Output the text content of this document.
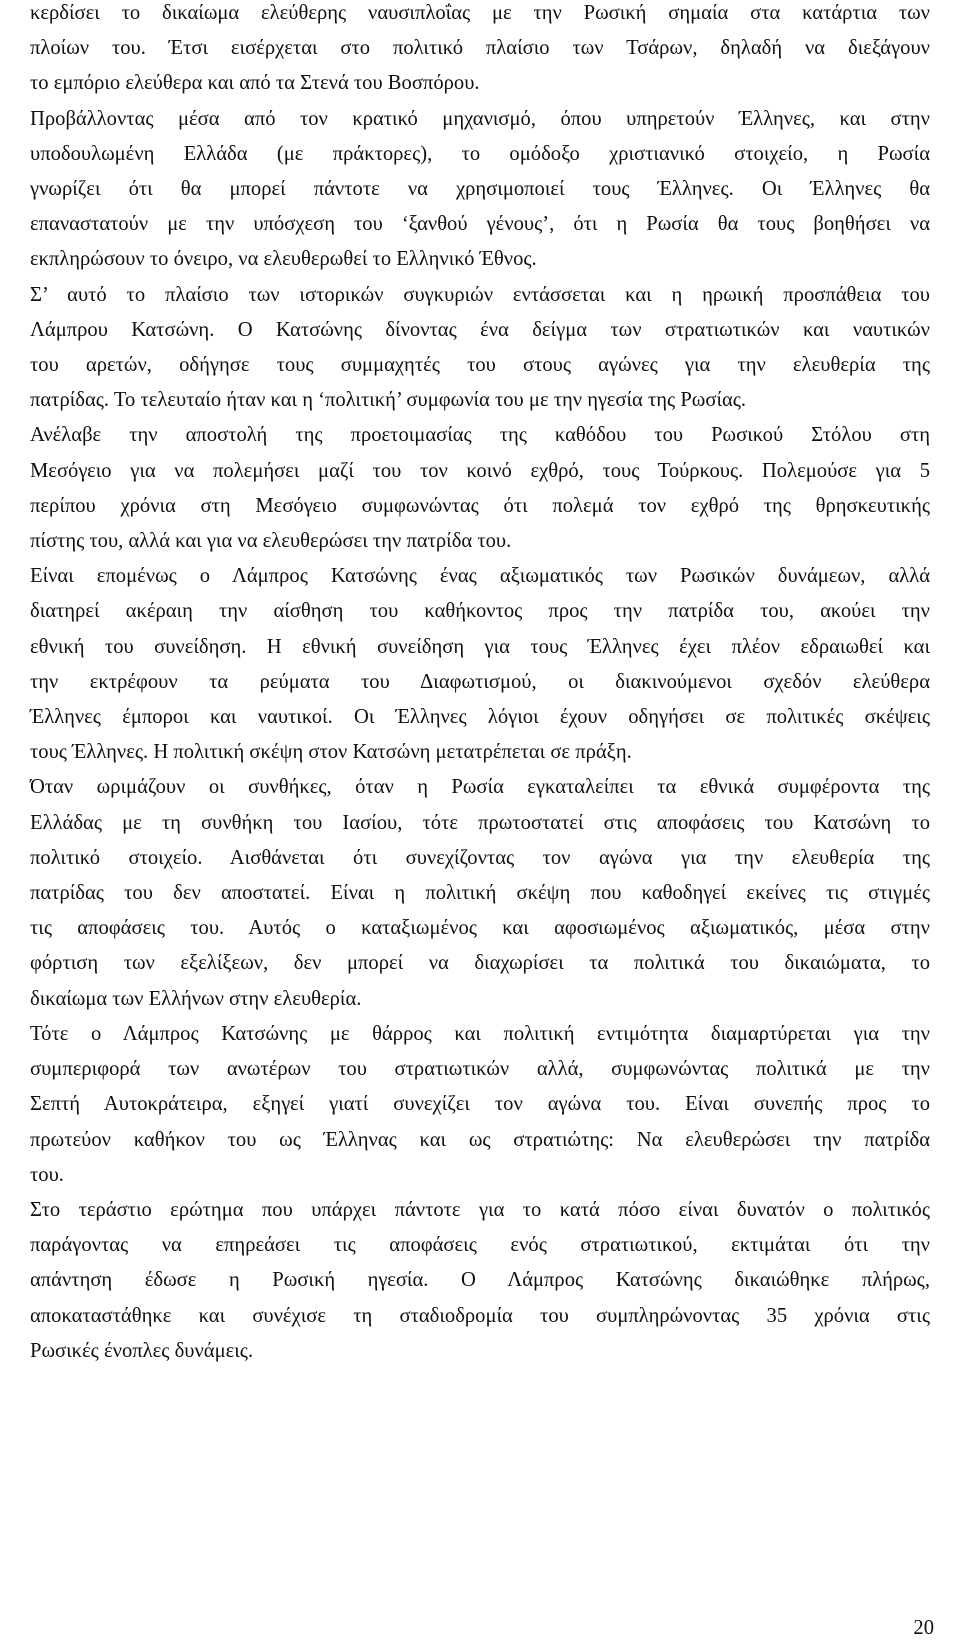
κερδίσει το δικαίωμα ελεύθερης ναυσιπλοΐας με την Ρωσική σημαία στα κατάρτια των
πλοίων του. Έτσι εισέρχεται στο πολιτικό πλαίσιο των Τσάρων, δηλαδή να διεξάγουν
το εμπόριο ελεύθερα και από τα Στενά του Βοσπόρου.
Προβάλλοντας μέσα από τον κρατικό μηχανισμό, όπου υπηρετούν Έλληνες, και στην
υποδουλωμένη Ελλάδα (με πράκτορες), το ομόδοξο χριστιανικό στοιχείο, η Ρωσία
γνωρίζει ότι θα μπορεί πάντοτε να χρησιμοποιεί τους Έλληνες. Οι Έλληνες θα
επαναστατούν με την υπόσχεση του ‘ξανθού γένους’, ότι η Ρωσία θα τους βοηθήσει να
εκπληρώσουν το όνειρο, να ελευθερωθεί το Ελληνικό Έθνος.
Σ’ αυτό το πλαίσιο των ιστορικών συγκυριών εντάσσεται και η ηρωική προσπάθεια του
Λάμπρου Κατσώνη. Ο Κατσώνης δίνοντας ένα δείγμα των στρατιωτικών και ναυτικών
του αρετών, οδήγησε τους συμμαχητές του στους αγώνες για την ελευθερία της
πατρίδας. Το τελευταίο ήταν και η ‘πολιτική’ συμφωνία του με την ηγεσία της Ρωσίας.
Ανέλαβε την αποστολή της προετοιμασίας της καθόδου του Ρωσικού Στόλου στη
Μεσόγειο για να πολεμήσει μαζί του τον κοινό εχθρό, τους Τούρκους. Πολεμούσε για 5
περίπου χρόνια στη Μεσόγειο συμφωνώντας ότι πολεμά τον εχθρό της θρησκευτικής
πίστης του, αλλά και για να ελευθερώσει την πατρίδα του.
Είναι επομένως ο Λάμπρος Κατσώνης ένας αξιωματικός των Ρωσικών δυνάμεων, αλλά
διατηρεί ακέραιη την αίσθηση του καθήκοντος προς την πατρίδα του, ακούει την
εθνική του συνείδηση. Η εθνική συνείδηση για τους Έλληνες έχει πλέον εδραιωθεί και
την εκτρέφουν τα ρεύματα του Διαφωτισμού, οι διακινούμενοι σχεδόν ελεύθερα
Έλληνες έμποροι και ναυτικοί. Οι Έλληνες λόγιοι έχουν οδηγήσει σε πολιτικές σκέψεις
τους Έλληνες. Η πολιτική σκέψη στον Κατσώνη μετατρέπεται σε πράξη.
Όταν ωριμάζουν οι συνθήκες, όταν η Ρωσία εγκαταλείπει τα εθνικά συμφέροντα της
Ελλάδας με τη συνθήκη του Ιασίου, τότε πρωτοστατεί στις αποφάσεις του Κατσώνη το
πολιτικό στοιχείο. Αισθάνεται ότι συνεχίζοντας τον αγώνα για την ελευθερία της
πατρίδας του δεν αποστατεί. Είναι η πολιτική σκέψη που καθοδηγεί εκείνες τις στιγμές
τις αποφάσεις του. Αυτός ο καταξιωμένος και αφοσιωμένος αξιωματικός, μέσα στην
φόρτιση των εξελίξεων, δεν μπορεί να διαχωρίσει τα πολιτικά του δικαιώματα, το
δικαίωμα των Ελλήνων στην ελευθερία.
Τότε ο Λάμπρος Κατσώνης με θάρρος και πολιτική εντιμότητα διαμαρτύρεται για την
συμπεριφορά των ανωτέρων του στρατιωτικών αλλά, συμφωνώντας πολιτικά με την
Σεπτή Αυτοκράτειρα, εξηγεί γιατί συνεχίζει τον αγώνα του. Είναι συνεπής προς το
πρωτεύον καθήκον του ως Έλληνας και ως στρατιώτης: Να ελευθερώσει την πατρίδα
του.
Στο τεράστιο ερώτημα που υπάρχει πάντοτε για το κατά πόσο είναι δυνατόν ο πολιτικός
παράγοντας να επηρεάσει τις αποφάσεις ενός στρατιωτικού, εκτιμάται ότι την
απάντηση έδωσε η Ρωσική ηγεσία. Ο Λάμπρος Κατσώνης δικαιώθηκε πλήρως,
αποκαταστάθηκε και συνέχισε τη σταδιοδρομία του συμπληρώνοντας 35 χρόνια στις
Ρωσικές ένοπλες δυνάμεις.
20
